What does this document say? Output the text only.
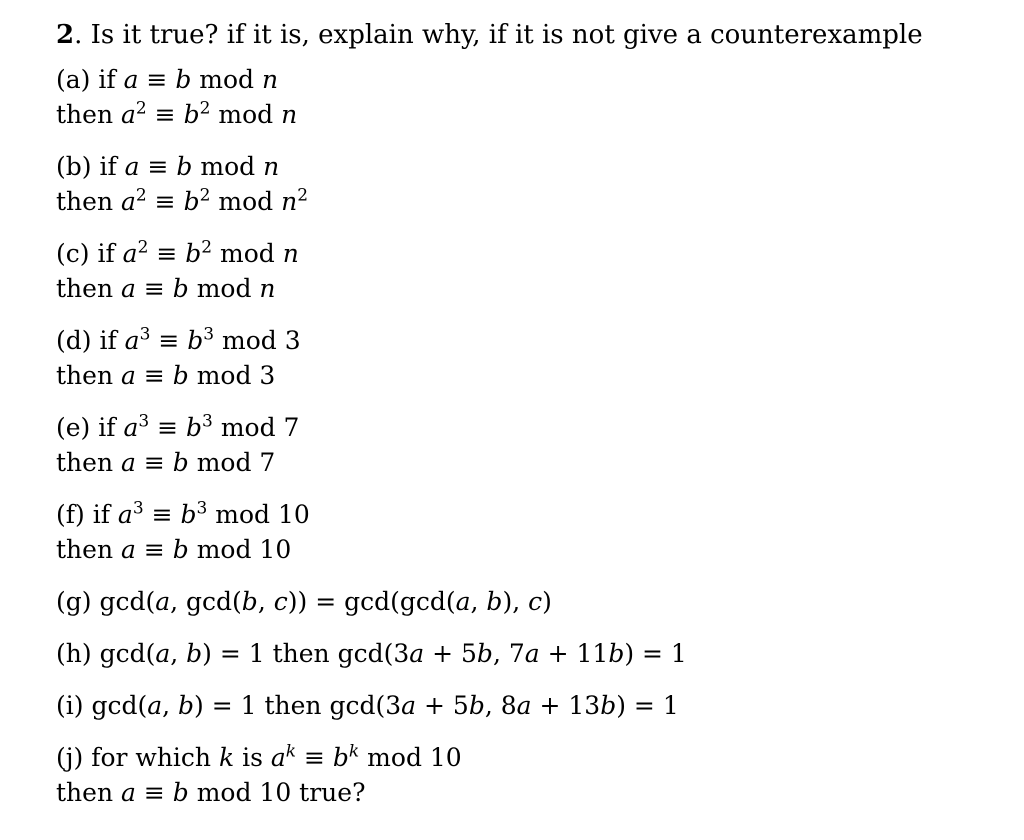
2. Is it true? if it is, explain why, if it is not give a counterexample
(a) if a ≡ b mod n
then $a^2 \equiv b^2$ mod n
(b) if a ≡ b mod n
then $a^2 \equiv b^2$ mod $n^2$
(c) if $a^2 \equiv b^2$ mod n
then a ≡ b mod n
(d) if $a^3 \equiv b^3$ mod 3
then a ≡ b mod 3
(e) if $a^3 \equiv b^3$ mod 7
then a ≡ b mod 7
(f) if $a^3 \equiv b^3$ mod 10
then a ≡ b mod 10
(g) gcd(a, gcd(b, c)) = gcd(gcd(a, b), c)
(h) gcd(a, b) = 1 then gcd(3a + 5b, 7a + 11b) = 1
(i) gcd(a, b) = 1 then gcd(3a + 5b, 8a + 13b) = 1
(j) for which k is $a^k \equiv b^k$ mod 10
then a ≡ b mod 10 true?
